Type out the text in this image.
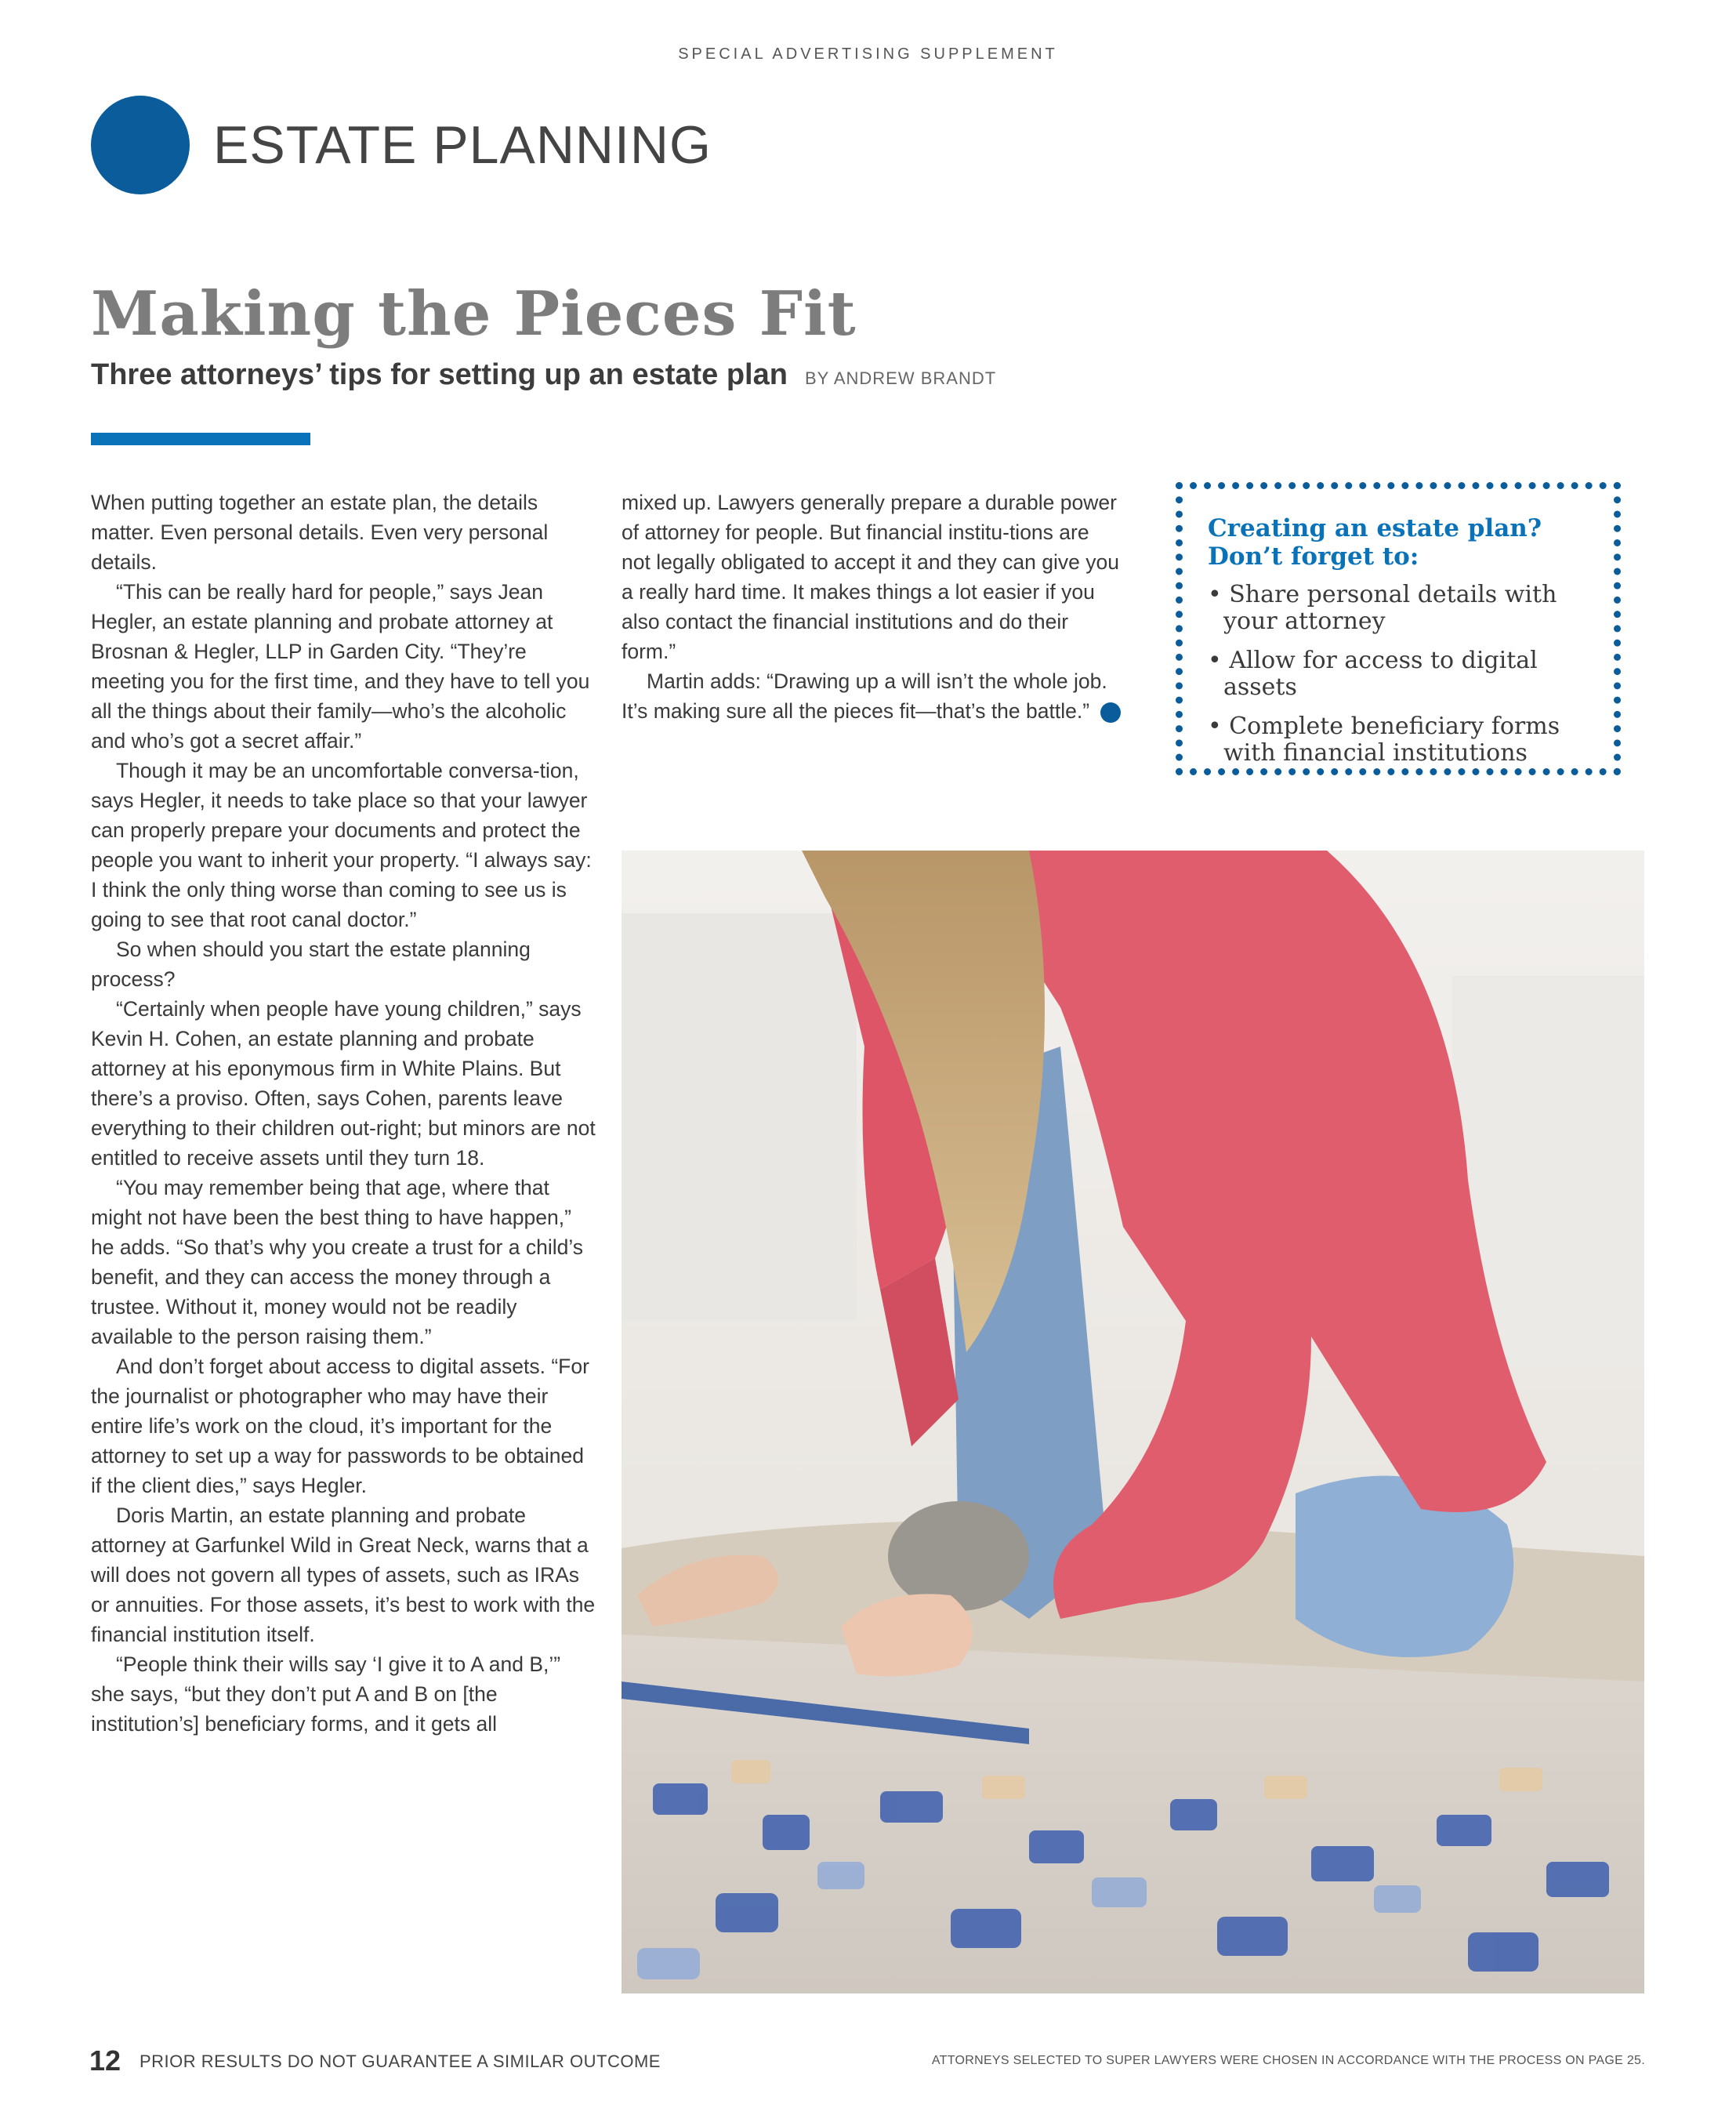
SPECIAL ADVERTISING SUPPLEMENT
ESTATE PLANNING
Making the Pieces Fit
Three attorneys’ tips for setting up an estate plan BY ANDREW BRANDT

When putting together an estate plan, the details matter. Even personal details. Even very personal details.

“This can be really hard for people,” says Jean Hegler, an estate planning and probate attorney at Brosnan & Hegler, LLP in Garden City. “They’re meeting you for the first time, and they have to tell you all the things about their family—who’s the alcoholic and who’s got a secret affair.”

Though it may be an uncomfortable conversa-tion, says Hegler, it needs to take place so that your lawyer can properly prepare your documents and protect the people you want to inherit your property. “I always say: I think the only thing worse than coming to see us is going to see that root canal doctor.”

So when should you start the estate planning process?

“Certainly when people have young children,” says Kevin H. Cohen, an estate planning and probate attorney at his eponymous firm in White Plains. But there’s a proviso. Often, says Cohen, parents leave everything to their children out-right; but minors are not entitled to receive assets until they turn 18.

“You may remember being that age, where that might not have been the best thing to have happen,” he adds. “So that’s why you create a trust for a child’s benefit, and they can access the money through a trustee. Without it, money would not be readily available to the person raising them.”

And don’t forget about access to digital assets. “For the journalist or photographer who may have their entire life’s work on the cloud, it’s important for the attorney to set up a way for passwords to be obtained if the client dies,” says Hegler.

Doris Martin, an estate planning and probate attorney at Garfunkel Wild in Great Neck, warns that a will does not govern all types of assets, such as IRAs or annuities. For those assets, it’s best to work with the financial institution itself.

“People think their wills say ‘I give it to A and B,’” she says, “but they don’t put A and B on [the institution’s] beneficiary forms, and it gets all

mixed up. Lawyers generally prepare a durable power of attorney for people. But financial institu-tions are not legally obligated to accept it and they can give you a really hard time. It makes things a lot easier if you also contact the financial institutions and do their form.”

Martin adds: “Drawing up a will isn’t the whole job. It’s making sure all the pieces fit—that’s the battle.”	SL

Creating an estate plan? Don’t forget to:
• Share personal details with your attorney
• Allow for access to digital assets
• Complete beneficiary forms with financial institutions
12 PRIOR RESULTS DO NOT GUARANTEE A SIMILAR OUTCOME	ATTORNEYS SELECTED TO SUPER LAWYERS WERE CHOSEN IN ACCORDANCE WITH THE PROCESS ON PAGE 25.
